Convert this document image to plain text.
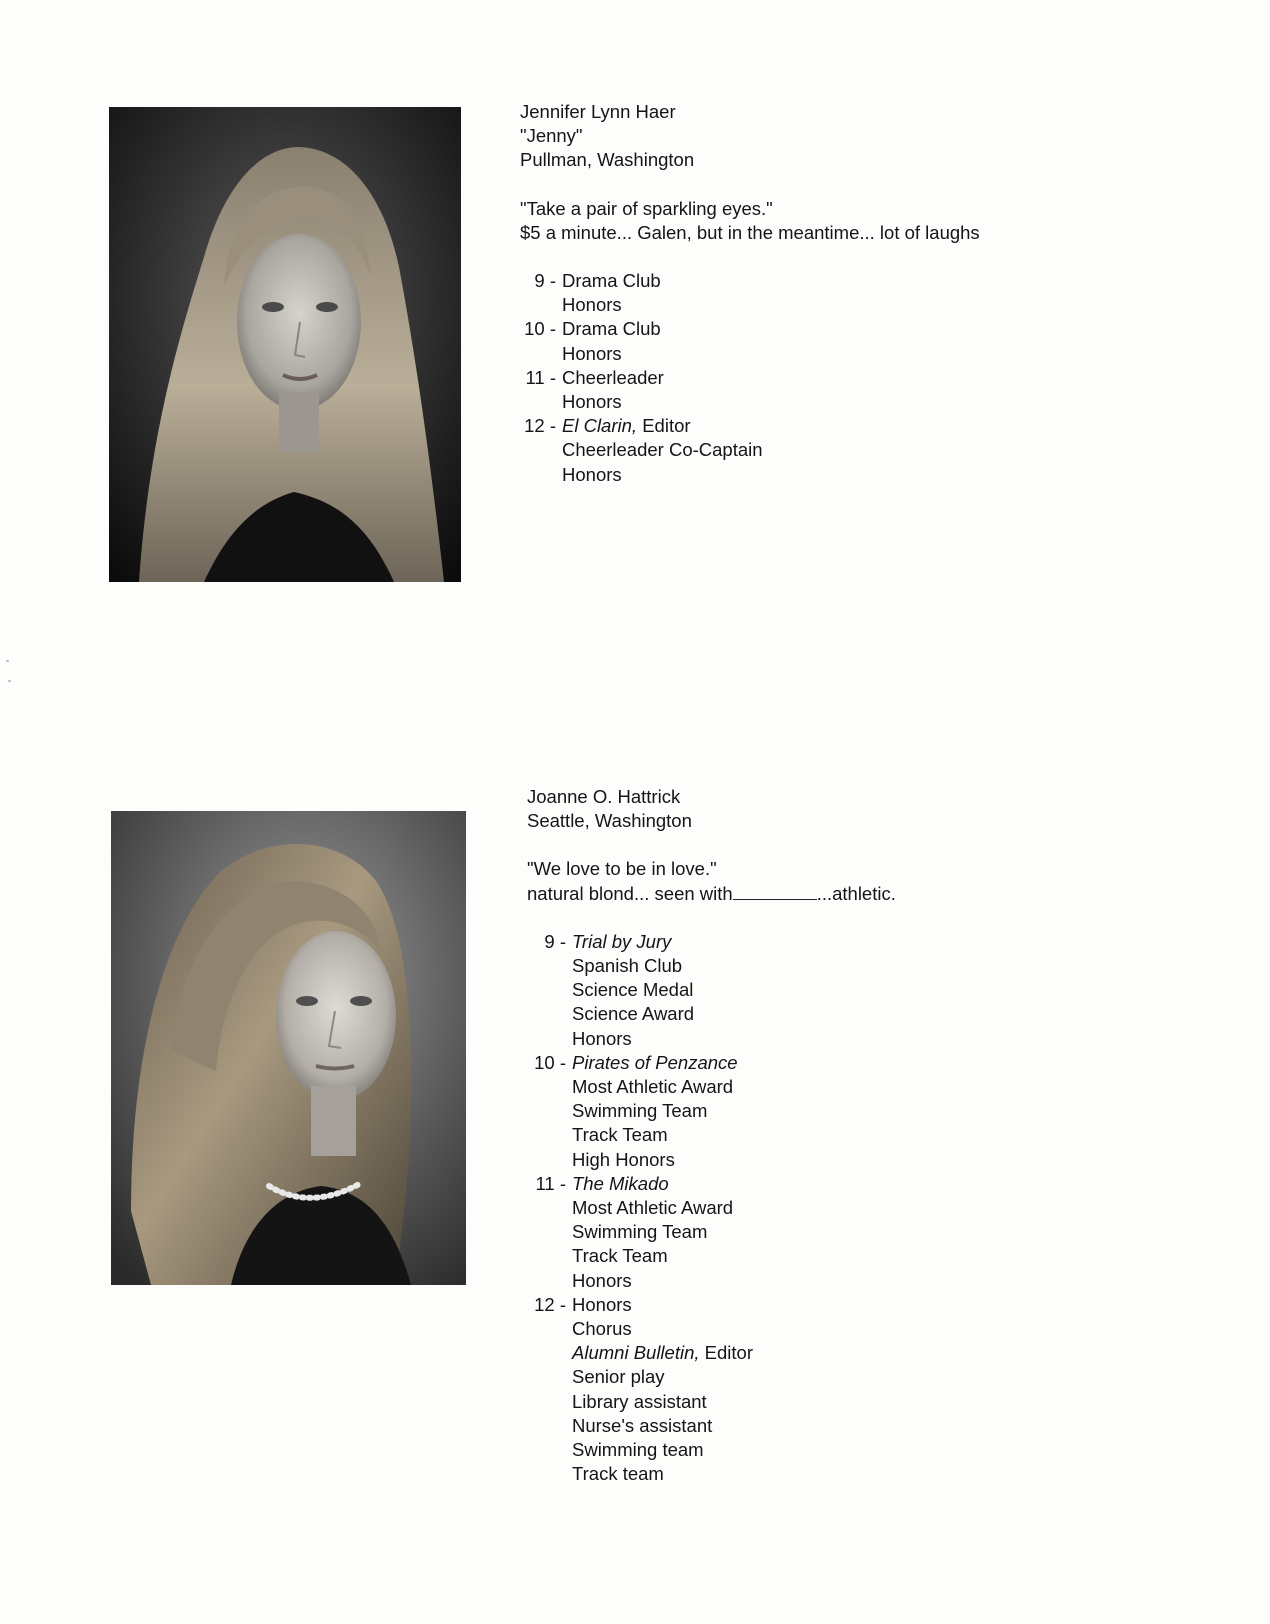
Jennifer Lynn Haer
"Jenny"
Pullman, Washington
"Take a pair of sparkling eyes."
$5 a minute... Galen, but in the meantime... lot of laughs
9 - Drama Club
Honors
10 - Drama Club
Honors
11 - Cheerleader
Honors
12 - El Clarin, Editor
Cheerleader Co-Captain
Honors
Joanne O. Hattrick
Seattle, Washington
"We love to be in love."
natural blond... seen with	...athletic.
9 - Trial by Jury
Spanish Club
Science Medal
Science Award
Honors
10 - Pirates of Penzance
Most Athletic Award
Swimming Team
Track Team
High Honors
11 - The Mikado
Most Athletic Award
Swimming Team
Track Team
Honors
12 - Honors
Chorus
Alumni Bulletin, Editor
Senior play
Library assistant
Nurse's assistant
Swimming team
Track team
